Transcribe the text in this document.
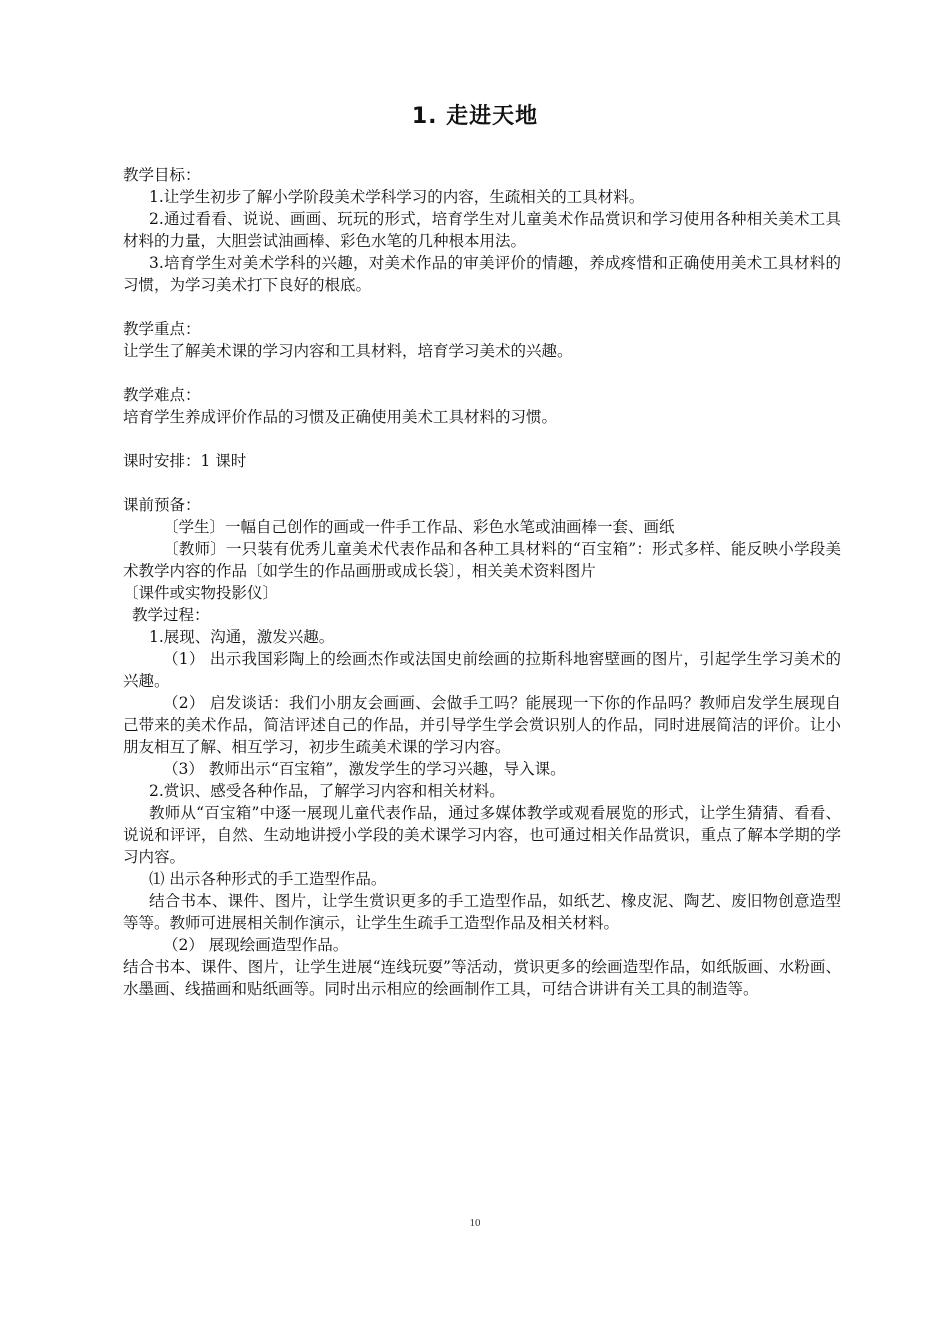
1. 走进天地

教学目标：

1.让学生初步了解小学阶段美术学科学习的内容，生疏相关的工具材料。

2.通过看看、说说、画画、玩玩的形式，培育学生对儿童美术作品赏识和学习使用各种相关美术工具材料的力量，大胆尝试油画棒、彩色水笔的几种根本用法。

3.培育学生对美术学科的兴趣，对美术作品的审美评价的情趣，养成疼惜和正确使用美术工具材料的习惯，为学习美术打下良好的根底。

教学重点：

让学生了解美术课的学习内容和工具材料，培育学习美术的兴趣。

教学难点：

培育学生养成评价作品的习惯及正确使用美术工具材料的习惯。

课时安排：1 课时

课前预备：

〔学生〕一幅自己创作的画或一件手工作品、彩色水笔或油画棒一套、画纸

〔教师〕一只装有优秀儿童美术代表作品和各种工具材料的“百宝箱”：形式多样、能反映小学段美术教学内容的作品〔如学生的作品画册或成长袋〕，相关美术资料图片

〔课件或实物投影仪〕

教学过程：

1.展现、沟通，激发兴趣。

（1） 出示我国彩陶上的绘画杰作或法国史前绘画的拉斯科地窖壁画的图片，引起学生学习美术的兴趣。

（2） 启发谈话：我们小朋友会画画、会做手工吗？能展现一下你的作品吗？教师启发学生展现自己带来的美术作品，简洁评述自己的作品，并引导学生学会赏识别人的作品，同时进展简洁的评价。让小朋友相互了解、相互学习，初步生疏美术课的学习内容。

（3） 教师出示“百宝箱”，激发学生的学习兴趣，导入课。

2.赏识、感受各种作品，了解学习内容和相关材料。

教师从“百宝箱”中逐一展现儿童代表作品，通过多媒体教学或观看展览的形式，让学生猜猜、看看、说说和评评，自然、生动地讲授小学段的美术课学习内容，也可通过相关作品赏识，重点了解本学期的学习内容。

⑴ 出示各种形式的手工造型作品。

结合书本、课件、图片，让学生赏识更多的手工造型作品，如纸艺、橡皮泥、陶艺、废旧物创意造型等等。教师可进展相关制作演示，让学生生疏手工造型作品及相关材料。

（2） 展现绘画造型作品。

结合书本、课件、图片，让学生进展“连线玩耍”等活动，赏识更多的绘画造型作品，如纸版画、水粉画、水墨画、线描画和贴纸画等。同时出示相应的绘画制作工具，可结合讲讲有关工具的制造等。

10
